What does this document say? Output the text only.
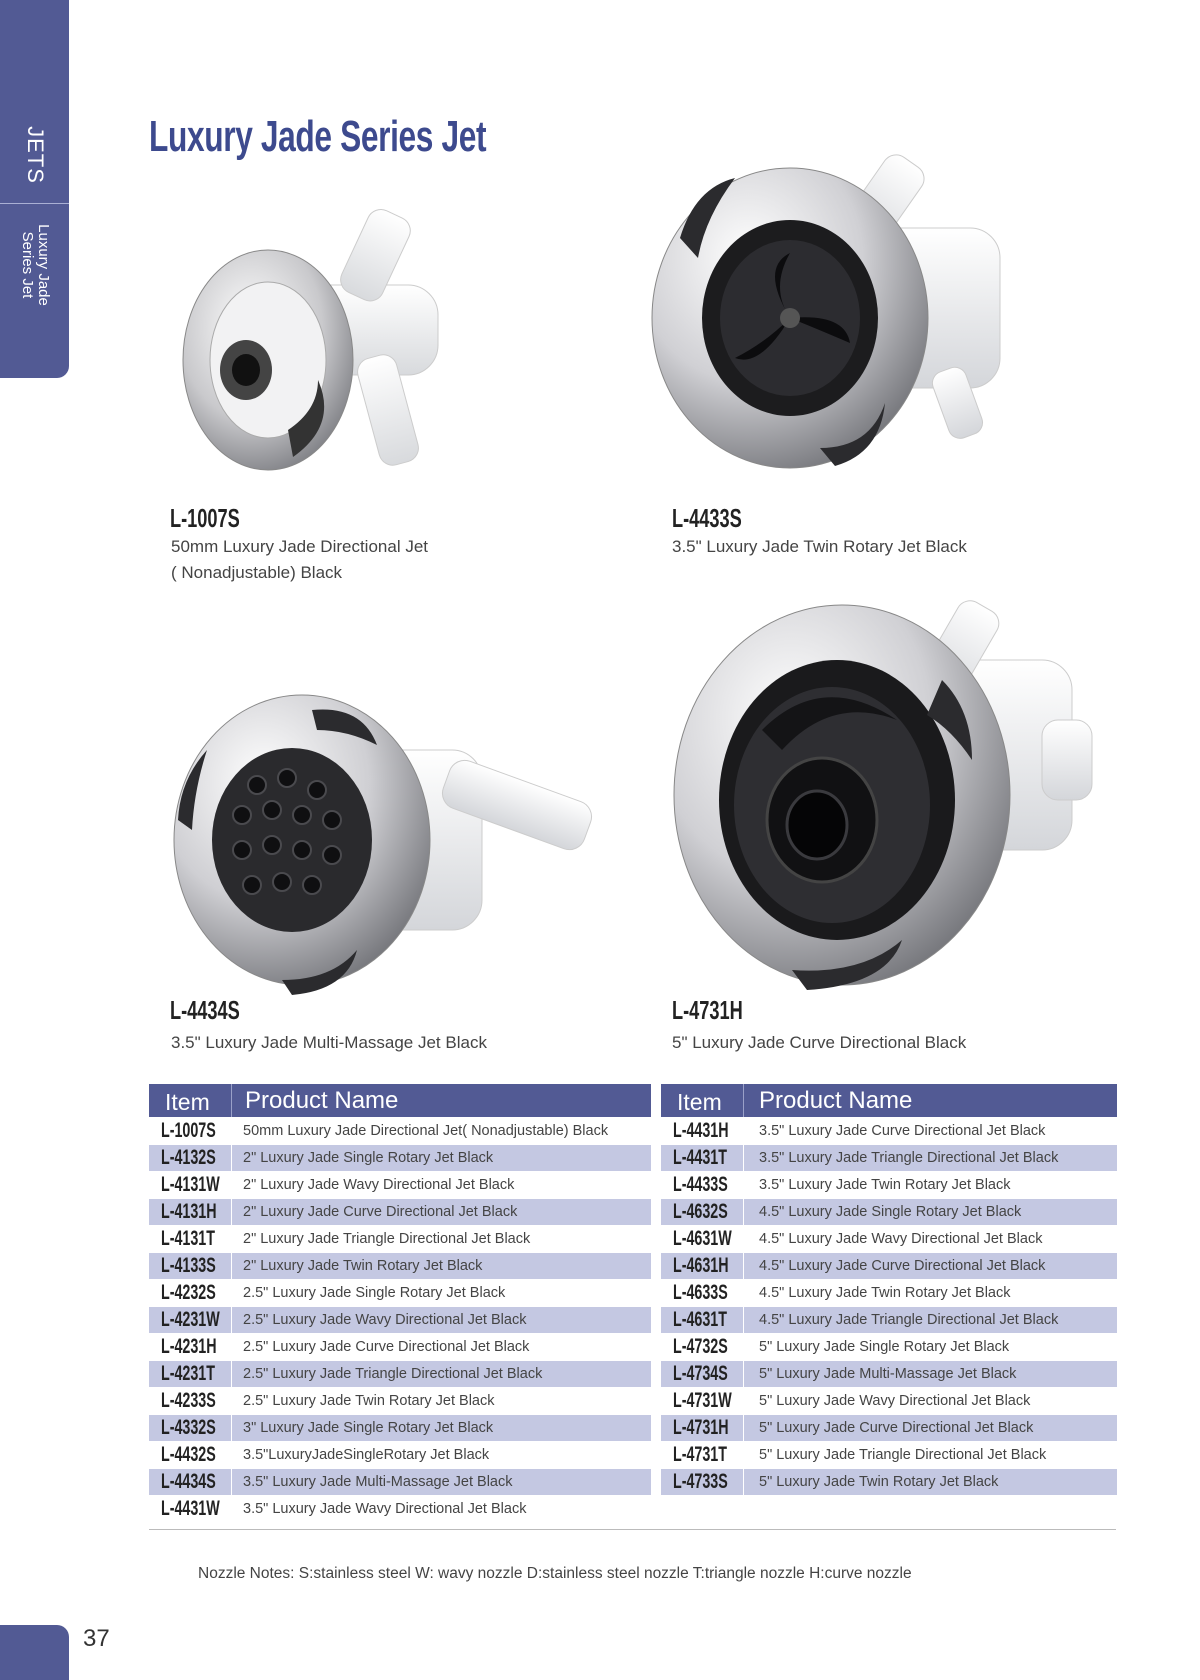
JETS
Luxury Jade
Series Jet
Luxury Jade Series Jet
L-1007S
50mm Luxury Jade Directional Jet
( Nonadjustable) Black
L-4433S
3.5" Luxury Jade Twin Rotary Jet Black
L-4434S
3.5" Luxury Jade Multi-Massage Jet Black
L-4731H
5" Luxury Jade Curve Directional Black
Item Product Name
L-1007S 50mm Luxury Jade Directional Jet( Nonadjustable) Black
L-4132S 2" Luxury Jade Single Rotary Jet Black
L-4131W 2" Luxury Jade Wavy Directional Jet Black
L-4131H 2" Luxury Jade Curve Directional Jet Black
L-4131T 2" Luxury Jade Triangle Directional Jet Black
L-4133S 2" Luxury Jade Twin Rotary Jet Black
L-4232S 2.5" Luxury Jade Single Rotary Jet Black
L-4231W 2.5" Luxury Jade Wavy Directional Jet Black
L-4231H 2.5" Luxury Jade Curve Directional Jet Black
L-4231T 2.5" Luxury Jade Triangle Directional Jet Black
L-4233S 2.5" Luxury Jade Twin Rotary Jet Black
L-4332S 3" Luxury Jade Single Rotary Jet Black
L-4432S 3.5"LuxuryJadeSingleRotary Jet Black
L-4434S 3.5" Luxury Jade Multi-Massage Jet Black
L-4431W 3.5" Luxury Jade Wavy Directional Jet Black
Item Product Name
L-4431H 3.5" Luxury Jade Curve Directional Jet Black
L-4431T 3.5" Luxury Jade Triangle Directional Jet Black
L-4433S 3.5" Luxury Jade Twin Rotary Jet Black
L-4632S 4.5" Luxury Jade Single Rotary Jet Black
L-4631W 4.5" Luxury Jade Wavy Directional Jet Black
L-4631H 4.5" Luxury Jade Curve Directional Jet Black
L-4633S 4.5" Luxury Jade Twin Rotary Jet Black
L-4631T 4.5" Luxury Jade Triangle Directional Jet Black
L-4732S 5" Luxury Jade Single Rotary Jet Black
L-4734S 5" Luxury Jade Multi-Massage Jet Black
L-4731W 5" Luxury Jade Wavy Directional Jet Black
L-4731H 5" Luxury Jade Curve Directional Jet Black
L-4731T 5" Luxury Jade Triangle Directional Jet Black
L-4733S 5" Luxury Jade Twin Rotary Jet Black
Nozzle Notes: S:stainless steel W: wavy nozzle D:stainless steel nozzle T:triangle nozzle H:curve nozzle
37
